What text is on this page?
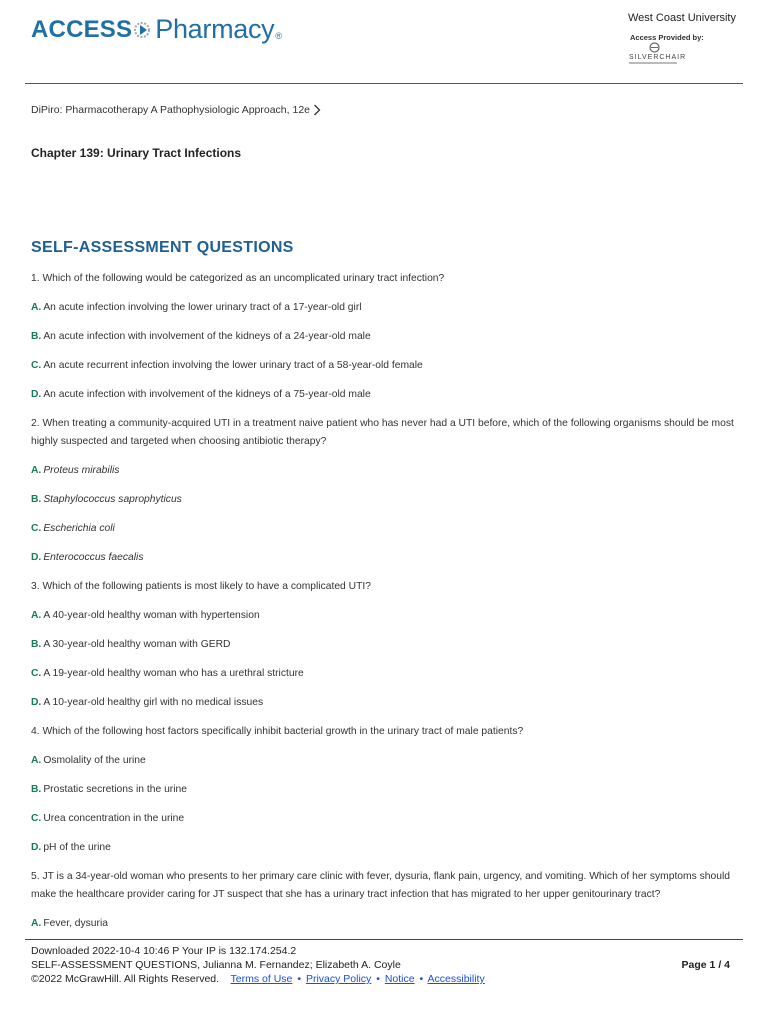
ACCESS Pharmacy ®
West Coast University
Access Provided by:
SILVERCHAIR
DiPiro: Pharmacotherapy A Pathophysiologic Approach, 12e
Chapter 139: Urinary Tract Infections
SELF-ASSESSMENT QUESTIONS
1. Which of the following would be categorized as an uncomplicated urinary tract infection?
A. An acute infection involving the lower urinary tract of a 17-year-old girl
B. An acute infection with involvement of the kidneys of a 24-year-old male
C. An acute recurrent infection involving the lower urinary tract of a 58-year-old female
D. An acute infection with involvement of the kidneys of a 75-year-old male
2. When treating a community-acquired UTI in a treatment naive patient who has never had a UTI before, which of the following organisms should be most highly suspected and targeted when choosing antibiotic therapy?
A. Proteus mirabilis
B. Staphylococcus saprophyticus
C. Escherichia coli
D. Enterococcus faecalis
3. Which of the following patients is most likely to have a complicated UTI?
A. A 40-year-old healthy woman with hypertension
B. A 30-year-old healthy woman with GERD
C. A 19-year-old healthy woman who has a urethral stricture
D. A 10-year-old healthy girl with no medical issues
4. Which of the following host factors specifically inhibit bacterial growth in the urinary tract of male patients?
A. Osmolality of the urine
B. Prostatic secretions in the urine
C. Urea concentration in the urine
D. pH of the urine
5. JT is a 34-year-old woman who presents to her primary care clinic with fever, dysuria, flank pain, urgency, and vomiting. Which of her symptoms should make the healthcare provider caring for JT suspect that she has a urinary tract infection that has migrated to her upper genitourinary tract?
A. Fever, dysuria
Downloaded 2022-10-4 10:46 P Your IP is 132.174.254.2
SELF-ASSESSMENT QUESTIONS, Julianna M. Fernandez; Elizabeth A. Coyle
©2022 McGrawHill. All Rights Reserved. Terms of Use • Privacy Policy • Notice • Accessibility
Page 1 / 4
